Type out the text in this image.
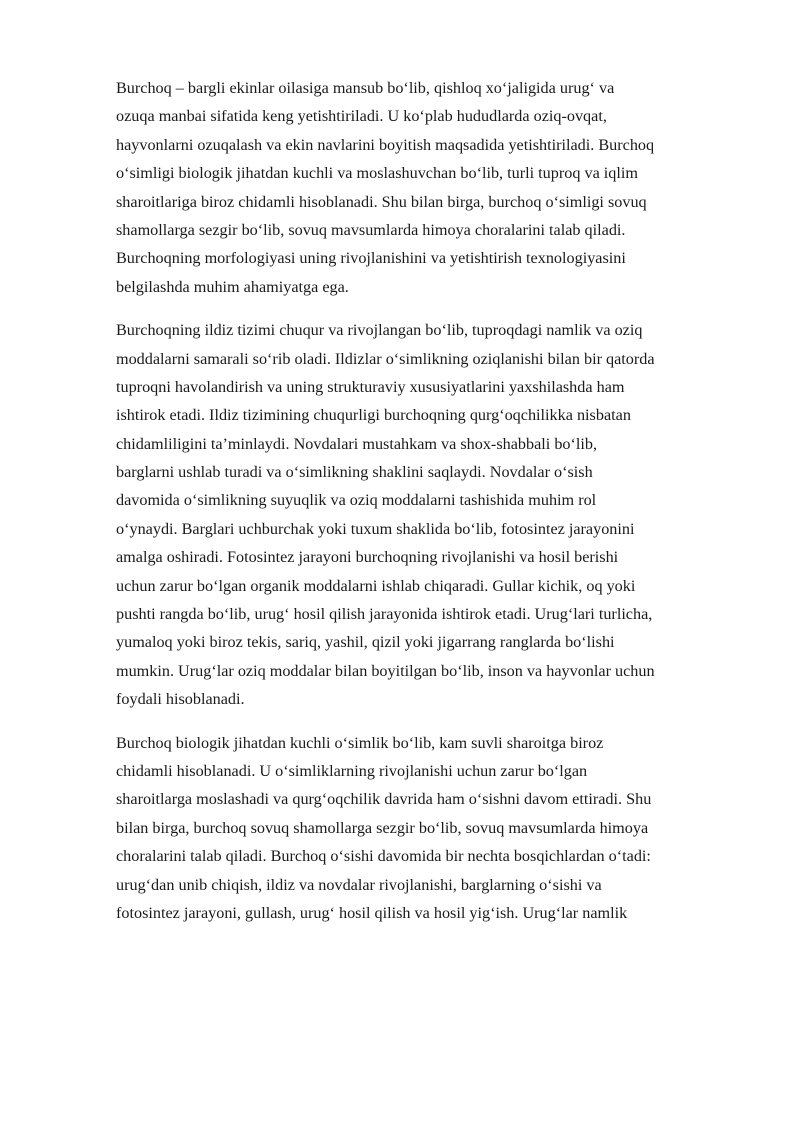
Burchoq – bargli ekinlar oilasiga mansub bo‘lib, qishloq xo‘jaligida urug‘ va
ozuqa manbai sifatida keng yetishtiriladi. U ko‘plab hududlarda oziq-ovqat,
hayvonlarni ozuqalash va ekin navlarini boyitish maqsadida yetishtiriladi. Burchoq
o‘simligi biologik jihatdan kuchli va moslashuvchan bo‘lib, turli tuproq va iqlim
sharoitlariga biroz chidamli hisoblanadi. Shu bilan birga, burchoq o‘simligi sovuq
shamollarga sezgir bo‘lib, sovuq mavsumlarda himoya choralarini talab qiladi.
Burchoqning morfologiyasi uning rivojlanishini va yetishtirish texnologiyasini
belgilashda muhim ahamiyatga ega.

Burchoqning ildiz tizimi chuqur va rivojlangan bo‘lib, tuproqdagi namlik va oziq
moddalarni samarali so‘rib oladi. Ildizlar o‘simlikning oziqlanishi bilan bir qatorda
tuproqni havolandirish va uning strukturaviy xususiyatlarini yaxshilashda ham
ishtirok etadi. Ildiz tizimining chuqurligi burchoqning qurg‘oqchilikka nisbatan
chidamliligini ta’minlaydi. Novdalari mustahkam va shox-shabbali bo‘lib,
barglarni ushlab turadi va o‘simlikning shaklini saqlaydi. Novdalar o‘sish
davomida o‘simlikning suyuqlik va oziq moddalarni tashishida muhim rol
o‘ynaydi. Barglari uchburchak yoki tuxum shaklida bo‘lib, fotosintez jarayonini
amalga oshiradi. Fotosintez jarayoni burchoqning rivojlanishi va hosil berishi
uchun zarur bo‘lgan organik moddalarni ishlab chiqaradi. Gullar kichik, oq yoki
pushti rangda bo‘lib, urug‘ hosil qilish jarayonida ishtirok etadi. Urug‘lari turlicha,
yumaloq yoki biroz tekis, sariq, yashil, qizil yoki jigarrang ranglarda bo‘lishi
mumkin. Urug‘lar oziq moddalar bilan boyitilgan bo‘lib, inson va hayvonlar uchun
foydali hisoblanadi.

Burchoq biologik jihatdan kuchli o‘simlik bo‘lib, kam suvli sharoitga biroz
chidamli hisoblanadi. U o‘simliklarning rivojlanishi uchun zarur bo‘lgan
sharoitlarga moslashadi va qurg‘oqchilik davrida ham o‘sishni davom ettiradi. Shu
bilan birga, burchoq sovuq shamollarga sezgir bo‘lib, sovuq mavsumlarda himoya
choralarini talab qiladi. Burchoq o‘sishi davomida bir nechta bosqichlardan o‘tadi:
urug‘dan unib chiqish, ildiz va novdalar rivojlanishi, barglarning o‘sishi va
fotosintez jarayoni, gullash, urug‘ hosil qilish va hosil yig‘ish. Urug‘lar namlik
